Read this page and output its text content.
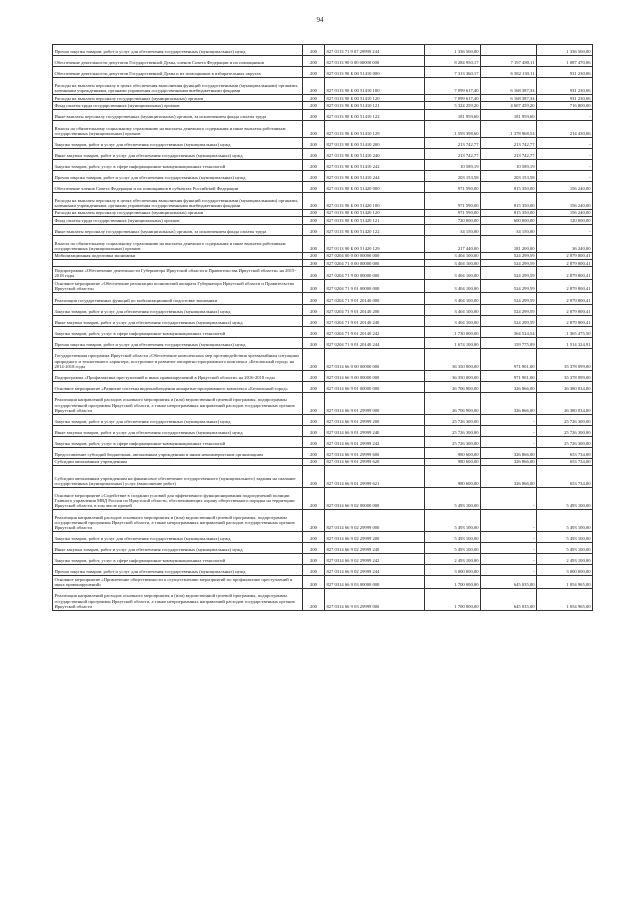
94
Прочая закупка товаров, работ и услуг для обеспечения государственных (муниципальных) нужд	200	827 0113 71 9 07 29999 244	1 336 500,00		1 336 500,00
Обеспечение деятельности депутатов Государственной Думы, членов Совета Федерации и их помощников	200	827 0113 90 0 00 00000 000	8 284 950,17	7 197 480,11	1 087 470,06
Обеспечение деятельности депутатов Государственной Думы и их помощников в избирательных округах	200	827 0113 90 Б 00 51410 000	7 313 360,17	6 382 130,11	931 230,06
Расходы на выплаты персоналу в целях обеспечения выполнения функций государственными (муниципальными) органами, казенными учреждениями, органами управления государственными внебюджетными фондами	200	827 0113 90 Б 00 51410 100	7 099 617,40	6 168 387,34	931 230,06
Расходы на выплаты персоналу государственных (муниципальных) органов	200	827 0113 90 Б 00 51410 120	7 099 617,40	6 168 387,34	931 230,06
Фонд оплаты труда государственных (муниципальных) органов	200	827 0113 90 Б 00 51410 121	5 324 259,20	4 607 459,20	716 800,00
Иные выплаты персоналу государственных (муниципальных) органов, за исключением фонда оплаты труда	200	827 0113 90 Б 00 51410 122	181 959,60	181 959,60	-
Взносы по обязательному социальному страхованию на выплаты денежного содержания и иные выплаты работникам государственных (муниципальных) органов	200	827 0113 90 Б 00 51410 129	1 593 398,60	1 378 968,54	214 430,06
Закупка товаров, работ и услуг для обеспечения государственных (муниципальных) нужд	200	827 0113 90 Б 00 51410 200	213 742,77	213 742,77	-
Иные закупки товаров, работ и услуг для обеспечения государственных (муниципальных) нужд	200	827 0113 90 Б 00 51410 240	213 742,77	213 742,77	-
Закупка товаров, работ, услуг в сфере информационно-коммуникационных технологий	200	827 0113 90 Б 00 51410 242	10 589,19	10 589,19	-
Прочая закупка товаров, работ и услуг для обеспечения государственных (муниципальных) нужд	200	827 0113 90 Б 00 51410 244	203 153,58	203 153,58	-
Обеспечение членов Совета Федерации и их помощников в субъектах Российской Федерации	200	827 0113 90 Б 00 51420 000	971 590,00	815 350,00	156 240,00
Расходы на выплаты персоналу в целях обеспечения выполнения функций государственными (муниципальными) органами, казенными учреждениями, органами управления государственными внебюджетными фондами	200	827 0113 90 Б 00 51420 100	971 590,00	815 350,00	156 240,00
Расходы на выплаты персоналу государственных (муниципальных) органов	200	827 0113 90 Б 00 51420 120	971 590,00	815 350,00	156 240,00
Фонд оплаты труда государственных (муниципальных) органов	200	827 0113 90 Б 00 51420 121	720 000,00	600 000,00	120 000,00
Иные выплаты персоналу государственных (муниципальных) органов, за исключением фонда оплаты труда	200	827 0113 90 Б 00 51420 122	34 150,00	34 150,00	-
Взносы по обязательному социальному страхованию на выплаты денежного содержания и иные выплаты работникам государственных (муниципальных) органов	200	827 0113 90 Б 00 51420 129	217 440,00	181 200,00	36 240,00
Мобилизационная подготовка экономики	200	827 0204 00 0 00 00000 000	3 404 100,00	524 299,59	2 879 800,41
	200	827 0204 71 0 00 00000 000	3 404 100,00	524 299,59	2 879 800,41
Подпрограмма «Обеспечение деятельности Губернатора Иркутской области и Правительства Иркутской области» на 2015-2018 годы	200	827 0204 71 9 00 00000 000	3 404 100,00	524 299,59	2 879 800,41
Основное мероприятие «Обеспечение реализации полномочий аппарата Губернатора Иркутской области и Правительства Иркутской области»	200	827 0204 71 9 01 00000 000	3 404 100,00	524 299,59	2 879 800,41
Реализация государственных функций по мобилизационной подготовке экономики	200	827 0204 71 9 01 20140 000	3 404 100,00	524 299,59	2 879 800,41
Закупка товаров, работ и услуг для обеспечения государственных (муниципальных) нужд	200	827 0204 71 9 01 20140 200	3 404 100,00	524 299,59	2 879 800,41
Иные закупки товаров, работ и услуг для обеспечения государственных (муниципальных) нужд	200	827 0204 71 9 01 20140 240	3 404 100,00	524 299,59	2 879 800,41
Закупка товаров, работ, услуг в сфере информационно-коммуникационных технологий	200	827 0204 71 9 01 20140 242	1 730 000,00	364 524,54	1 365 475,50
Прочая закупка товаров, работ и услуг для обеспечения государственных (муниципальных) нужд	200	827 0204 71 9 01 20140 244	1 674 100,00	159 775,09	1 514 324,91
Государственная программа Иркутской области «Обеспечение комплексных мер противодействия чрезвычайным ситуациям природного и техногенного характера, построение и развитие аппаратно-программного комплекса «Безопасный город» на 2014-2018 годы	200	827 0314 66 0 00 00000 000	36 350 000,00	971 901,00	35 378 099,00
Подпрограмма «Профилактика преступлений и иных правонарушений в Иркутской области» на 2016-2018 годы	200	827 0314 66 9 00 00000 000	36 350 000,00	971 901,00	35 378 099,00
Основное мероприятие «Развитие системы видеонаблюдения аппаратно-программного комплекса «Безопасный город»	200	827 0314 66 9 01 00000 000	26 706 900,00	326 866,00	26 380 034,00
Реализация направлений расходов основного мероприятия и (или) ведомственной целевой программы, подпрограммы государственной программы Иркутской области, а также непрограммных направлений расходов государственных органов Иркутской области	200	827 0314 66 9 01 29999 000	26 706 900,00	326 866,00	26 380 034,00
Закупка товаров, работ и услуг для обеспечения государственных (муниципальных) нужд	200	827 0314 66 9 01 29999 200	25 726 300,00	-	25 726 300,00
Иные закупки товаров, работ и услуг для обеспечения государственных (муниципальных) нужд	200	827 0314 66 9 01 29999 240	25 726 300,00	-	25 726 300,00
Закупка товаров, работ, услуг в сфере информационно-коммуникационных технологий	200	827 0314 66 9 01 29999 242	25 726 300,00	-	25 726 300,00
Предоставление субсидий бюджетным, автономным учреждениям и иным некоммерческим организациям	200	827 0314 66 9 01 29999 600	980 600,00	326 866,00	653 734,00
Субсидии автономным учреждениям	200	827 0314 66 9 01 29999 620	980 600,00	326 866,00	653 734,00
Субсидии автономным учреждениям на финансовое обеспечение государственного (муниципального) задания на оказание государственных (муниципальных) услуг (выполнение работ)	200	827 0314 66 9 01 29999 621	980 600,00	326 866,00	653 734,00
Основное мероприятие «Содействие в создании условий для эффективного функционирования подразделений полиции Главного управления МВД России по Иркутской области, обеспечивающих охрану общественного порядка на территории Иркутской области, в том числе прочей	200	827 0314 66 9 02 00000 000	5 493 100,00	-	5 493 100,00
Реализация направлений расходов основного мероприятия и (или) ведомственной целевой программы, подпрограммы государственной программы Иркутской области, а также непрограммных направлений расходов государственных органов Иркутской области	200	827 0314 66 9 02 29999 000	5 493 100,00	-	5 493 100,00
Закупка товаров, работ и услуг для обеспечения государственных (муниципальных) нужд	200	827 0314 66 9 02 29999 200	5 493 100,00	-	5 493 100,00
Иные закупки товаров, работ и услуг для обеспечения государственных (муниципальных) нужд	200	827 0314 66 9 02 29999 240	5 493 100,00	-	5 493 100,00
Закупка товаров, работ, услуг в сфере информационно-коммуникационных технологий	200	827 0314 66 9 02 29999 242	2 493 100,00	-	2 493 100,00
Прочая закупка товаров, работ и услуг для обеспечения государственных (муниципальных) нужд	200	827 0314 66 9 02 29999 244	3 000 000,00	-	3 000 000,00
Основное мероприятие «Привлечение общественности к осуществлению мероприятий по профилактике преступлений и иных правонарушений»	200	827 0314 66 9 03 00000 000	1 700 000,00	645 035,00	1 054 965,00
Реализация направлений расходов основного мероприятия и (или) ведомственной целевой программы, подпрограммы государственной программы Иркутской области, а также непрограммных направлений расходов государственных органов Иркутской области	200	827 0314 66 9 03 29999 000	1 700 000,00	645 035,00	1 054 965,00
